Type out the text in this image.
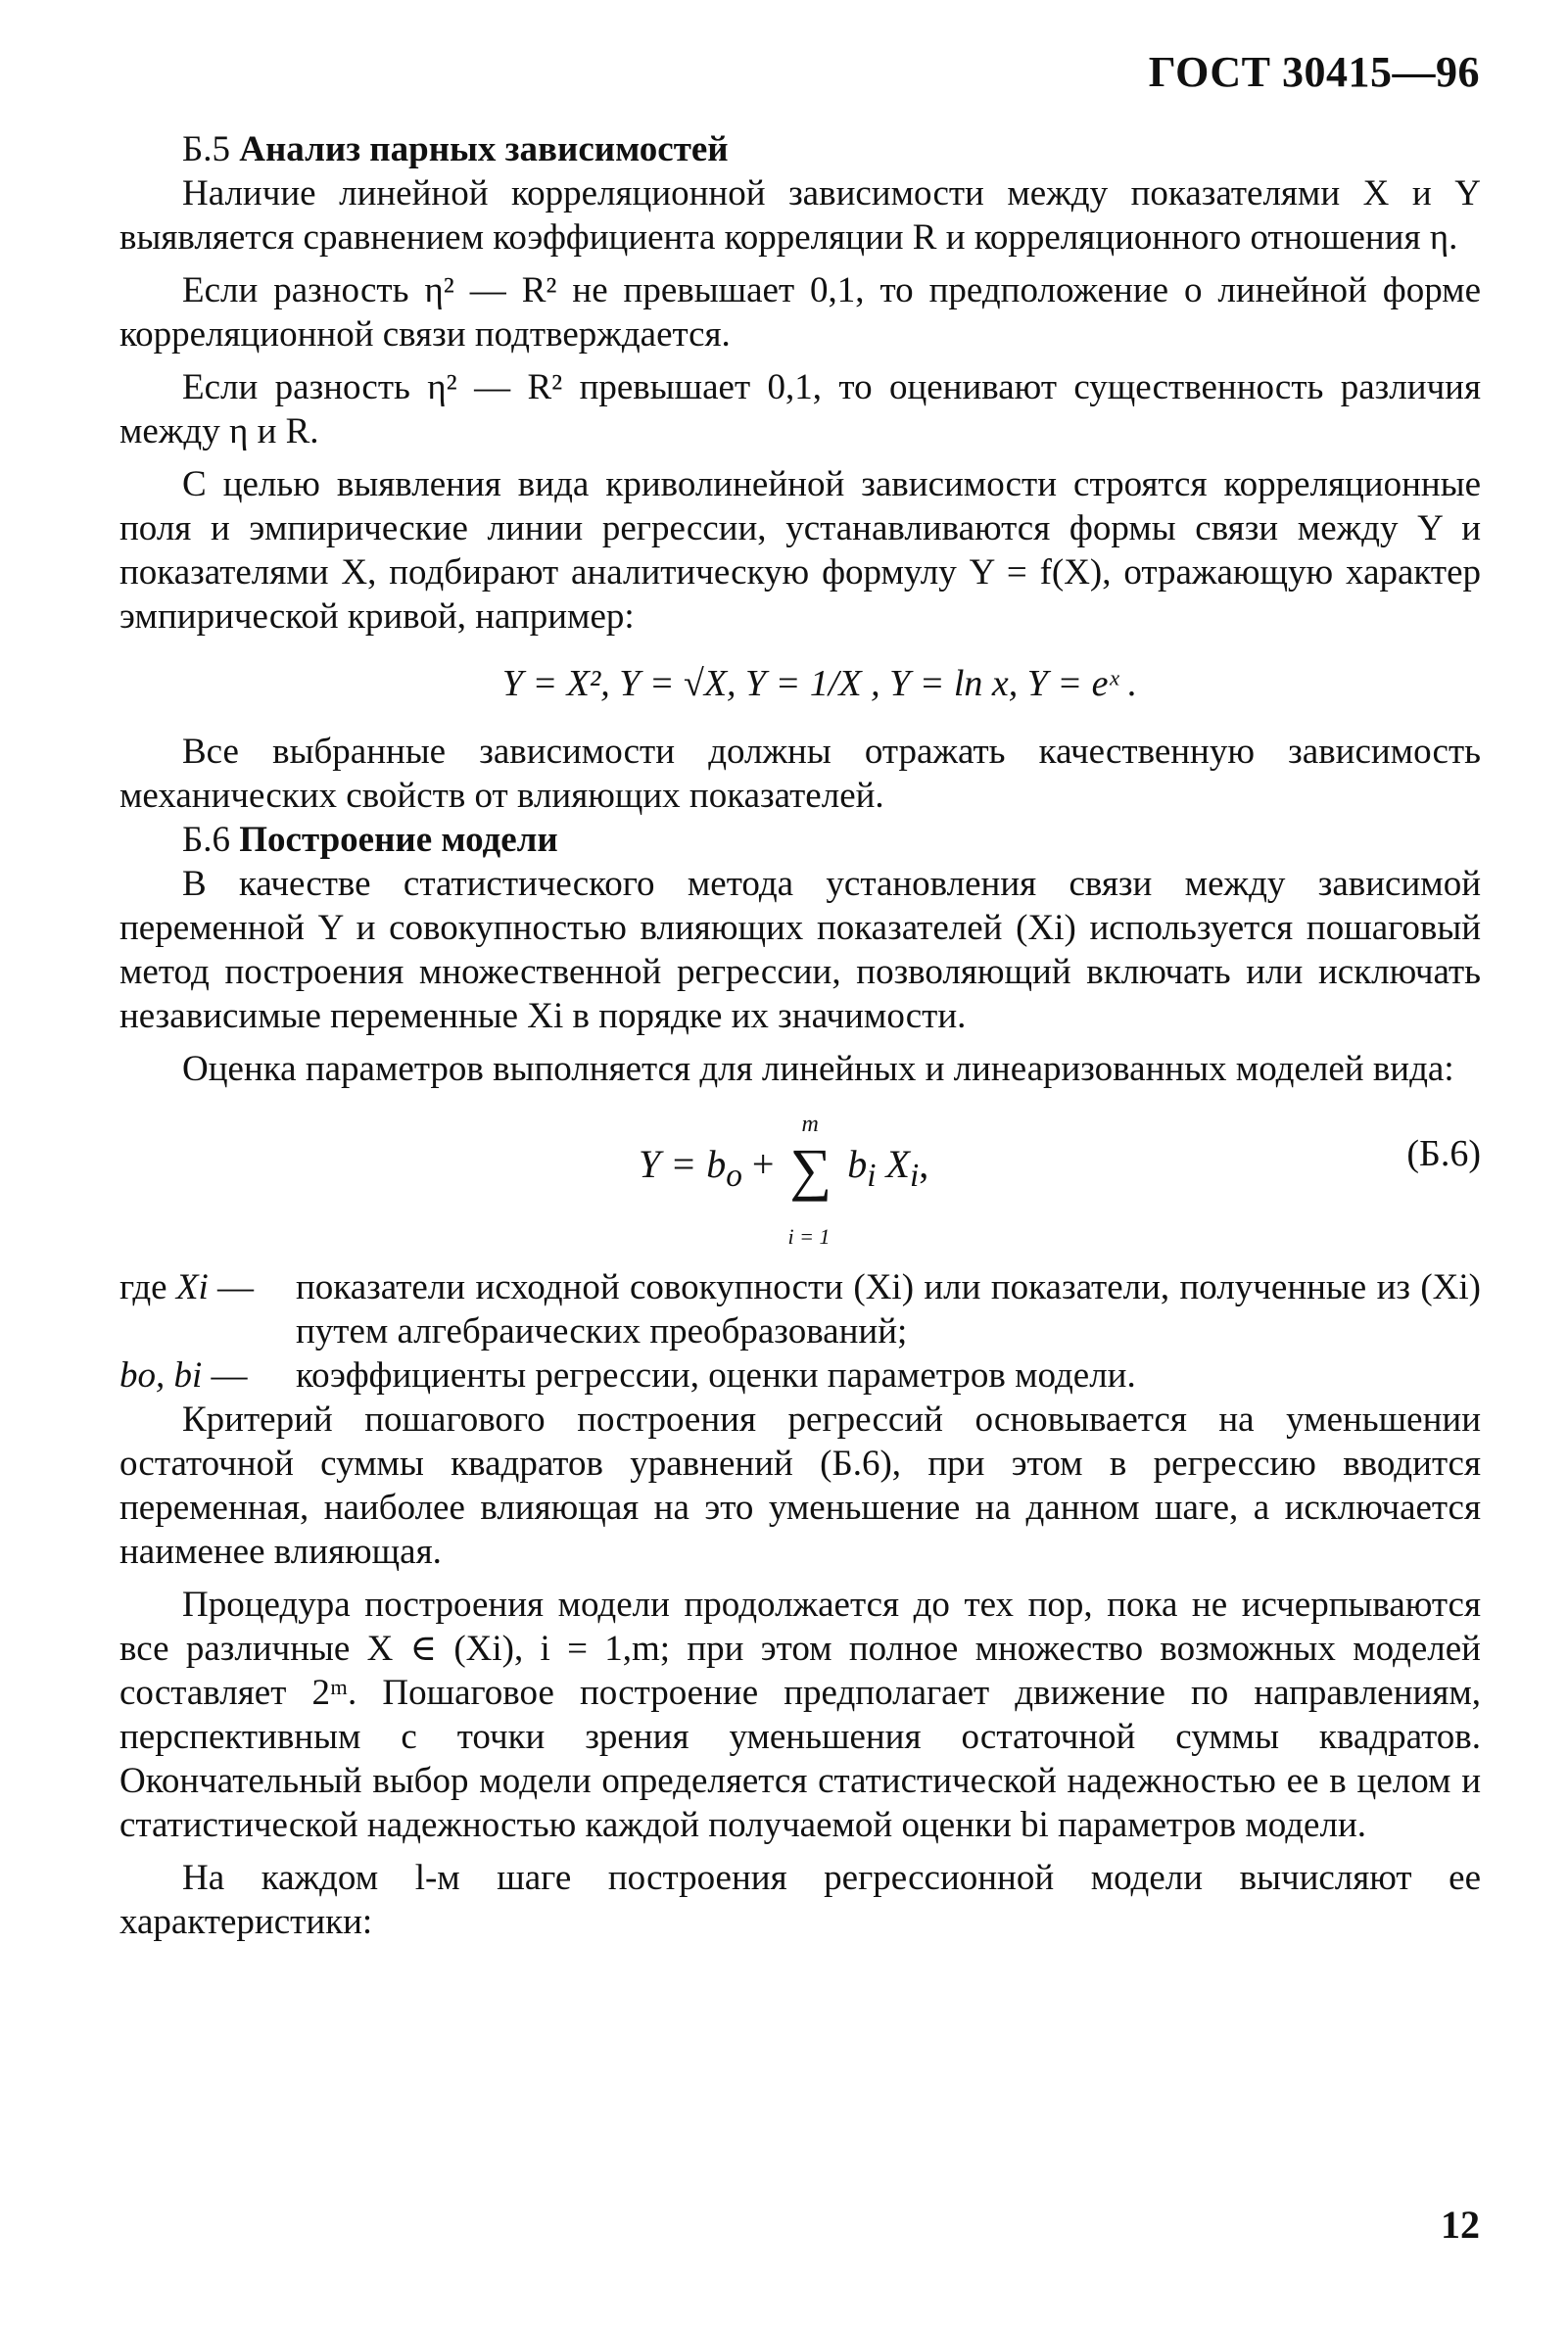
ГОСТ 30415—96

Б.5 Анализ парных зависимостей

Наличие линейной корреляционной зависимости между показателями X и Y выявляется сравнением коэффициента корреляции R и корреляционного отношения η.

Если разность η² — R² не превышает 0,1, то предположение о линейной форме корреляционной связи подтверждается.

Если разность η² — R² превышает 0,1, то оценивают существенность различия между η и R.

С целью выявления вида криволинейной зависимости строятся корреляционные поля и эмпирические линии регрессии, устанавливаются формы связи между Y и показателями X, подбирают аналитическую формулу Y = f(X), отражающую характер эмпирической кривой, например:

Y = X², Y = √X, Y = 1/X , Y = ln x, Y = eˣ .

Все выбранные зависимости должны отражать качественную зависимость механических свойств от влияющих показателей.

Б.6 Построение модели

В качестве статистического метода установления связи между зависимой переменной Y и совокупностью влияющих показателей (Xi) используется пошаговый метод построения множественной регрессии, позволяющий включать или исключать независимые переменные Xi в порядке их значимости.

Оценка параметров выполняется для линейных и линеаризованных моделей вида:

$Y = b_o$ +
m
∑
i = 1
$b_i$ $X_i$,	(Б.6)
где Xi —	показатели исходной совокупности (Xi) или показатели, полученные из (Xi) путем алгебраических преобразований;
bo, bi —	коэффициенты регрессии, оценки параметров модели.

Критерий пошагового построения регрессий основывается на уменьшении остаточной суммы квадратов уравнений (Б.6), при этом в регрессию вводится переменная, наиболее влияющая на это уменьшение на данном шаге, а исключается наименее влияющая.

Процедура построения модели продолжается до тех пор, пока не исчерпываются все различные X ∈ (Xi), i = 1,m; при этом полное множество возможных моделей составляет 2ᵐ. Пошаговое построение предполагает движение по направлениям, перспективным с точки зрения уменьшения остаточной суммы квадратов. Окончательный выбор модели определяется статистической надежностью ее в целом и статистической надежностью каждой получаемой оценки bi параметров модели.

На каждом l-м шаге построения регрессионной модели вычисляют ее характеристики:

12
